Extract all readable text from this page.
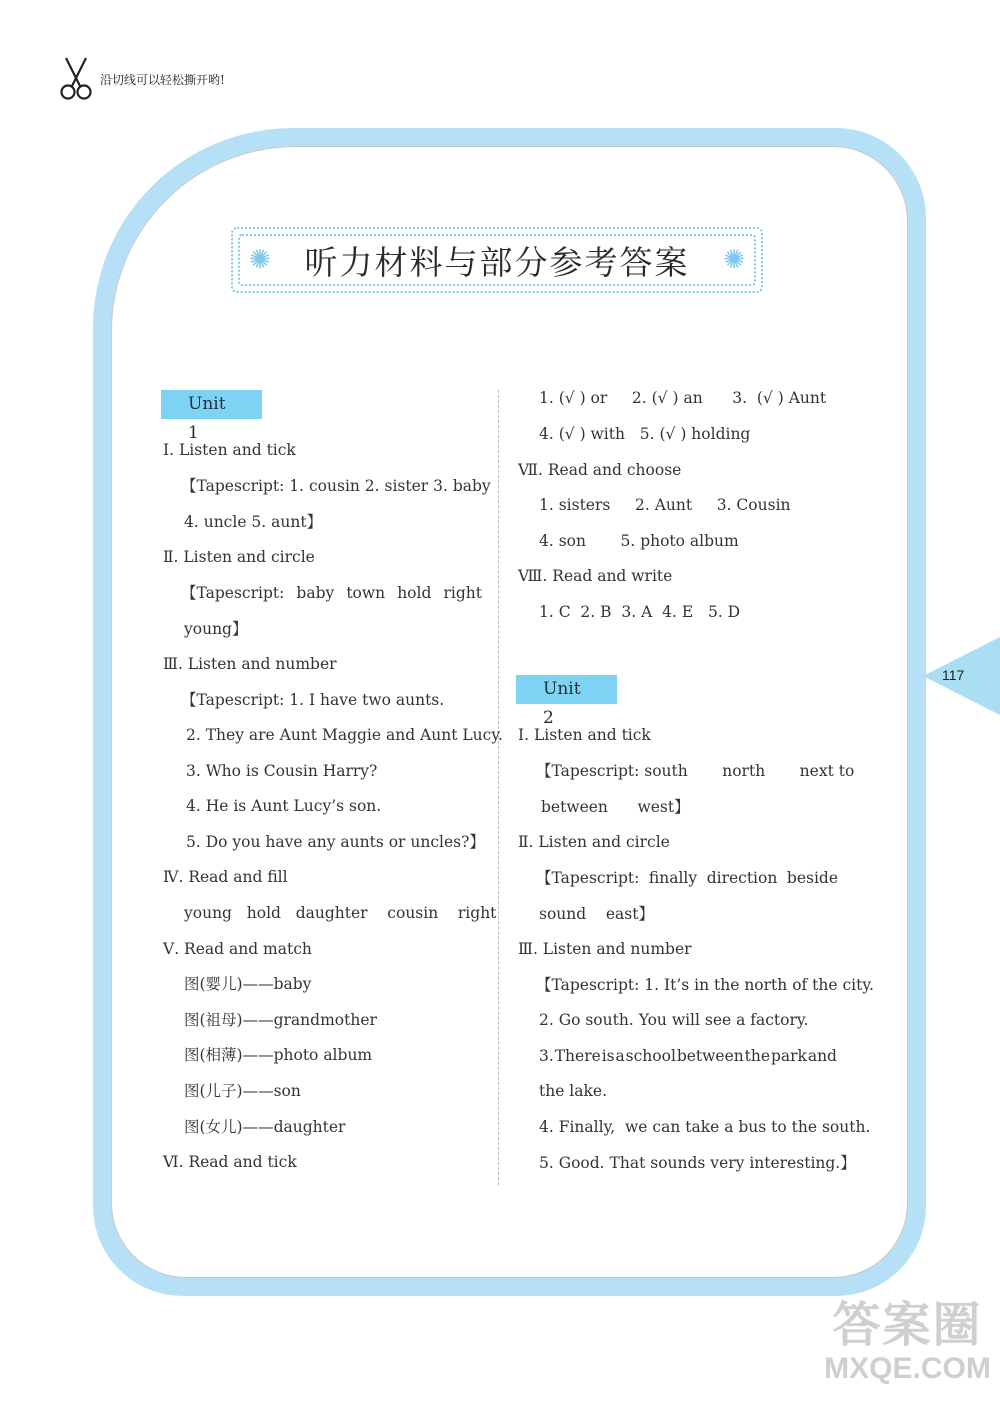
沿切线可以轻松撕开哟!
✺ 听力材料与部分参考答案 ✺
Unit 1
Ⅰ. Listen and tick
【Tapescript: 1. cousin 2. sister 3. baby
4. uncle 5. aunt】
Ⅱ. Listen and circle
【Tapescript: baby town hold right
young】
Ⅲ. Listen and number
【Tapescript: 1. I have two aunts.
2. They are Aunt Maggie and Aunt Lucy.
3. Who is Cousin Harry?
4. He is Aunt Lucy’s son.
5. Do you have any aunts or uncles?】
Ⅳ. Read and fill
young   hold   daughter    cousin    right
Ⅴ. Read and match
图(婴儿)——baby
图(祖母)——grandmother
图(相薄)——photo album
图(儿子)——son
图(女儿)——daughter
Ⅵ. Read and tick
1. (√ ) or     2. (√ ) an      3.  (√ ) Aunt
4. (√ ) with   5. (√ ) holding
Ⅶ. Read and choose
1. sisters     2. Aunt     3. Cousin
4. son       5. photo album
Ⅷ. Read and write
1. C  2. B  3. A  4. E   5. D
Unit 2
Ⅰ. Listen and tick
【Tapescript: south       north       next to
between      west】
Ⅱ. Listen and circle
【Tapescript: finally direction beside
sound    east】
Ⅲ. Listen and number
【Tapescript: 1. It’s in the north of the city.
2. Go south. You will see a factory.
3. There is a school between the park and
the lake.
4. Finally,  we can take a bus to the south.
5. Good. That sounds very interesting.】
117
答案圈
MXQE.COM
